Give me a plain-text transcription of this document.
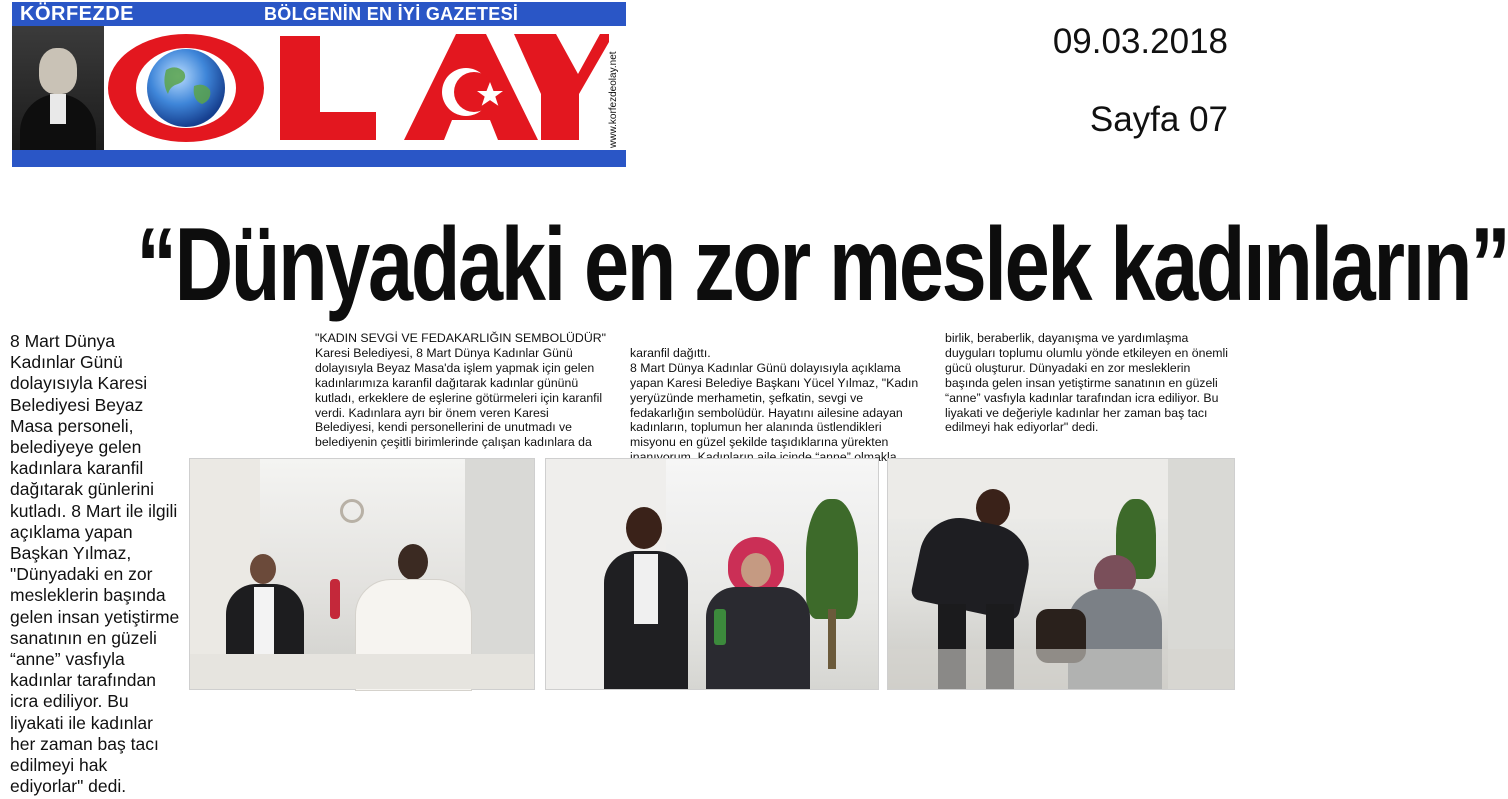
KÖRFEZDE	BÖLGENİN EN İYİ GAZETESİ
www.korfezdeolay.net
09.03.2018
Sayfa 07
“Dünyadaki en zor meslek kadınların”
8 Mart Dünya Kadınlar Günü dolayısıyla Karesi Belediyesi Beyaz Masa personeli, belediyeye gelen kadınlara karanfil dağıtarak günlerini kutladı. 8 Mart ile ilgili açıklama yapan Başkan Yılmaz, "Dünyadaki en zor mesleklerin başında gelen insan yetiştirme sanatının en güzeli “anne” vasfıyla kadınlar tarafından icra ediliyor. Bu liyakati ile kadınlar her zaman baş tacı edilmeyi hak ediyorlar" dedi.
"KADIN SEVGİ VE FEDAKARLIĞIN SEMBOLÜDÜR"
Karesi Belediyesi, 8 Mart Dünya Kadınlar Günü dolayısıyla Beyaz Masa'da işlem yapmak için gelen kadınlarımıza karanfil dağıtarak kadınlar gününü kutladı, erkeklere de eşlerine götürmeleri için karanfil verdi. Kadınlara ayrı bir önem veren Karesi Belediyesi, kendi personellerini de unutmadı ve belediyenin çeşitli birimlerinde çalışan kadınlara da

karanfil dağıttı.
8 Mart Dünya Kadınlar Günü dolayısıyla açıklama yapan Karesi Belediye Başkanı Yücel Yılmaz, "Kadın yeryüzünde merhametin, şefkatin, sevgi ve fedakarlığın sembolüdür. Hayatını ailesine adayan kadınların, toplumun her alanında üstlendikleri misyonu en güzel şekilde taşıdıklarına yürekten

birlik, beraberlik, dayanışma ve yardımlaşma duyguları toplumu olumlu yönde etkileyen en önemli gücü oluşturur. Dünyadaki en zor mesleklerin başında gelen insan yetiştirme sanatının en güzeli “anne” vasfıyla kadınlar tarafından icra ediliyor. Bu liyakati ve değeriyle kadınlar her zaman baş tacı edilmeyi hak ediyorlar" dedi.
